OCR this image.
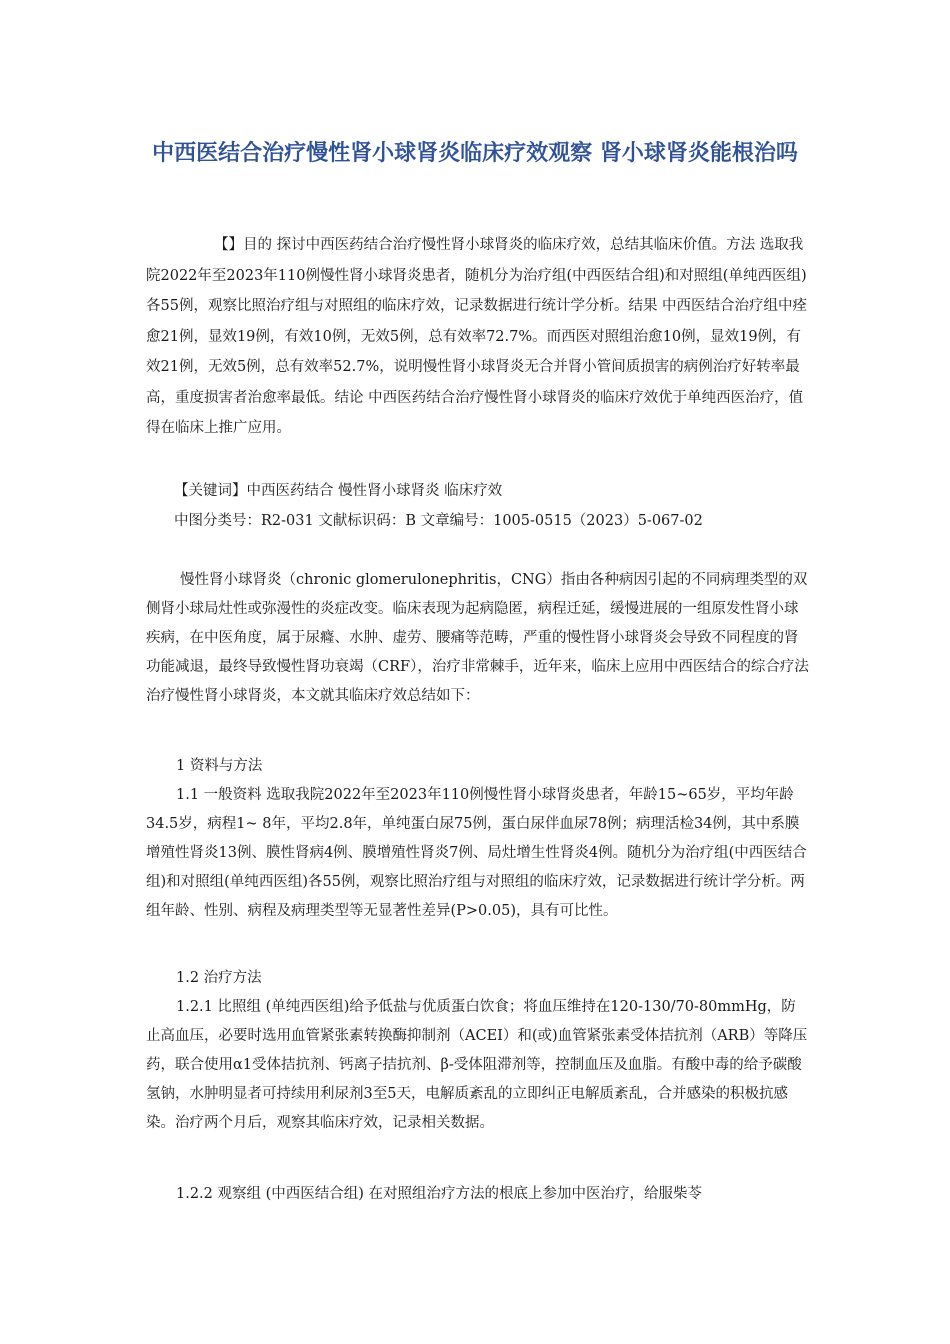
中西医结合治疗慢性肾小球肾炎临床疗效观察 肾小球肾炎能根治吗

【】目的 探讨中西医药结合治疗慢性肾小球肾炎的临床疗效，总结其临床价值。方法 选取我院2022年至2023年110例慢性肾小球肾炎患者，随机分为治疗组(中西医结合组)和对照组(单纯西医组)各55例，观察比照治疗组与对照组的临床疗效，记录数据进行统计学分析。结果 中西医结合治疗组中痊愈21例，显效19例，有效10例，无效5例，总有效率72.7%。而西医对照组治愈10例，显效19例，有效21例，无效5例，总有效率52.7%，说明慢性肾小球肾炎无合并肾小管间质损害的病例治疗好转率最高，重度损害者治愈率最低。结论 中西医药结合治疗慢性肾小球肾炎的临床疗效优于单纯西医治疗，值得在临床上推广应用。

【关键词】中西医药结合 慢性肾小球肾炎 临床疗效

中图分类号：R2-031 文献标识码：B 文章编号：1005-0515（2023）5-067-02

慢性肾小球肾炎（chronic glomerulonephritis，CNG）指由各种病因引起的不同病理类型的双侧肾小球局灶性或弥漫性的炎症改变。临床表现为起病隐匿，病程迁延，缓慢进展的一组原发性肾小球疾病，在中医角度，属于尿癃、水肿、虚劳、腰痛等范畴，严重的慢性肾小球肾炎会导致不同程度的肾功能减退，最终导致慢性肾功衰竭（CRF），治疗非常棘手，近年来，临床上应用中西医结合的综合疗法治疗慢性肾小球肾炎，本文就其临床疗效总结如下：

1 资料与方法

1.1 一般资料 选取我院2022年至2023年110例慢性肾小球肾炎患者，年龄15~65岁，平均年龄34.5岁，病程1~ 8年，平均2.8年，单纯蛋白尿75例，蛋白尿伴血尿78例；病理活检34例，其中系膜增殖性肾炎13例、膜性肾病4例、膜增殖性肾炎7例、局灶增生性肾炎4例。随机分为治疗组(中西医结合组)和对照组(单纯西医组)各55例，观察比照治疗组与对照组的临床疗效，记录数据进行统计学分析。两组年龄、性别、病程及病理类型等无显著性差异(P>0.05)，具有可比性。

1.2 治疗方法

1.2.1 比照组 (单纯西医组)给予低盐与优质蛋白饮食；将血压维持在120-130/70-80mmHg，防止高血压，必要时选用血管紧张素转换酶抑制剂（ACEI）和(或)血管紧张素受体拮抗剂（ARB）等降压药，联合使用α1受体拮抗剂、钙离子拮抗剂、β-受体阻滞剂等，控制血压及血脂。有酸中毒的给予碳酸氢钠，水肿明显者可持续用利尿剂3至5天，电解质紊乱的立即纠正电解质紊乱，合并感染的积极抗感染。治疗两个月后，观察其临床疗效，记录相关数据。

1.2.2 观察组 (中西医结合组) 在对照组治疗方法的根底上参加中医治疗，给服柴苓
